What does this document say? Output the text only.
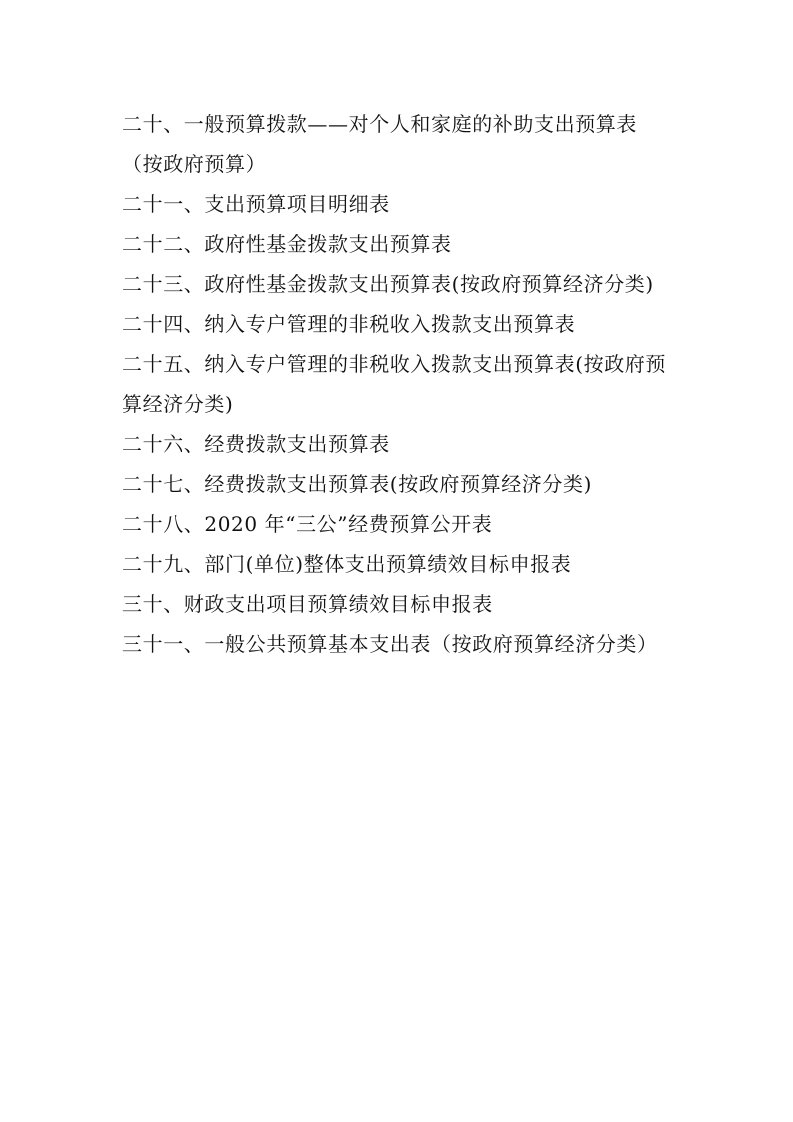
二十、一般预算拨款——对个人和家庭的补助支出预算表
（按政府预算）
二十一、支出预算项目明细表
二十二、政府性基金拨款支出预算表
二十三、政府性基金拨款支出预算表(按政府预算经济分类)
二十四、纳入专户管理的非税收入拨款支出预算表
二十五、纳入专户管理的非税收入拨款支出预算表(按政府预
算经济分类)
二十六、经费拨款支出预算表
二十七、经费拨款支出预算表(按政府预算经济分类)
二十八、2020 年“三公”经费预算公开表
二十九、部门(单位)整体支出预算绩效目标申报表
三十、财政支出项目预算绩效目标申报表
三十一、一般公共预算基本支出表（按政府预算经济分类）
